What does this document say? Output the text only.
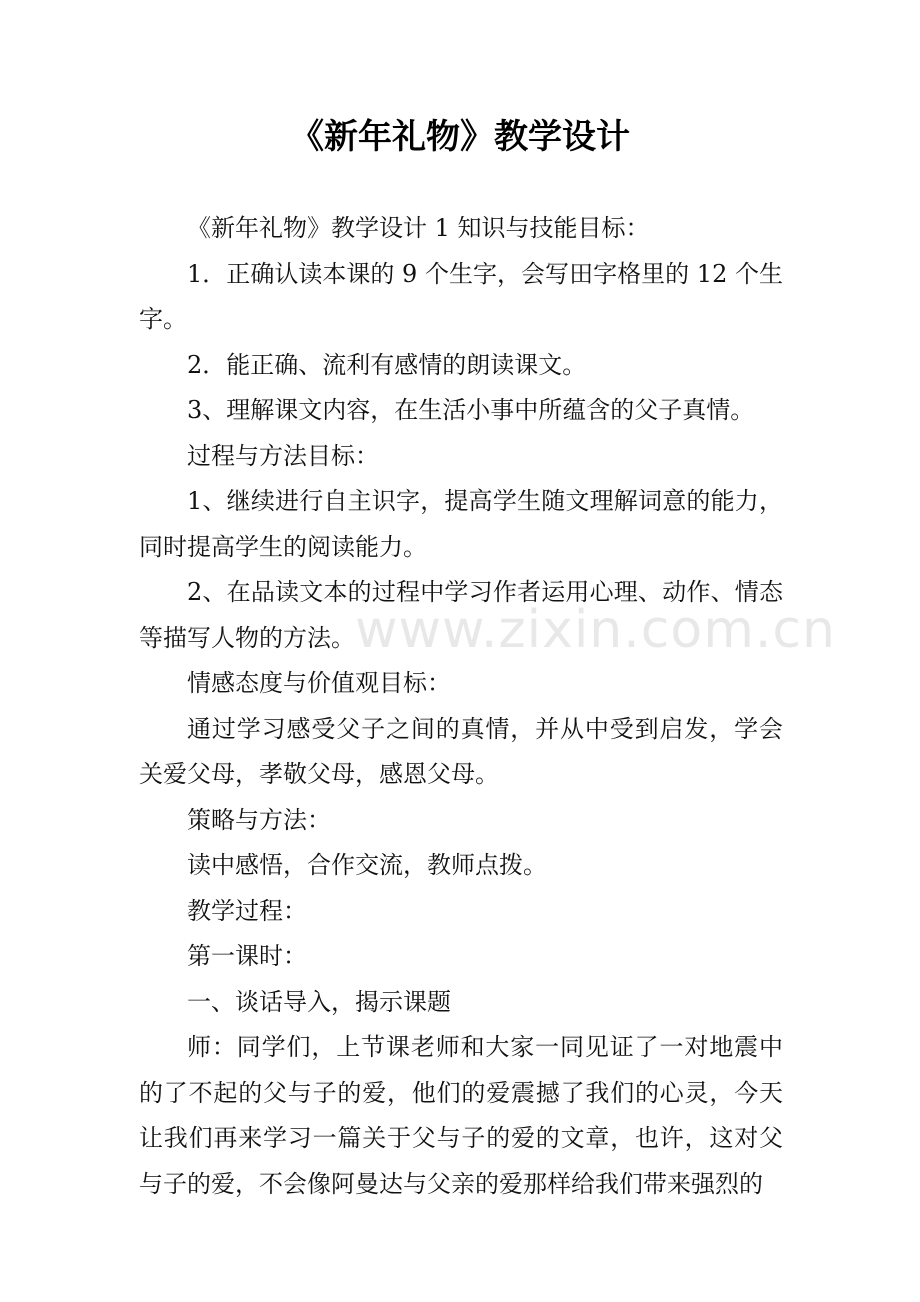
《新年礼物》教学设计

《新年礼物》教学设计 1 知识与技能目标：

1．正确认读本课的 9 个生字，会写田字格里的 12 个生字。

2．能正确、流利有感情的朗读课文。

3、理解课文内容，在生活小事中所蕴含的父子真情。

过程与方法目标：

1、继续进行自主识字，提高学生随文理解词意的能力，同时提高学生的阅读能力。

2、在品读文本的过程中学习作者运用心理、动作、情态等描写人物的方法。

情感态度与价值观目标：

通过学习感受父子之间的真情，并从中受到启发，学会关爱父母，孝敬父母，感恩父母。

策略与方法：

读中感悟，合作交流，教师点拨。

教学过程：

第一课时：

一、谈话导入，揭示课题

师：同学们，上节课老师和大家一同见证了一对地震中的了不起的父与子的爱，他们的爱震撼了我们的心灵，今天让我们再来学习一篇关于父与子的爱的文章，也许，这对父与子的爱，不会像阿曼达与父亲的爱那样给我们带来强烈的

www.zixin.com.cn
